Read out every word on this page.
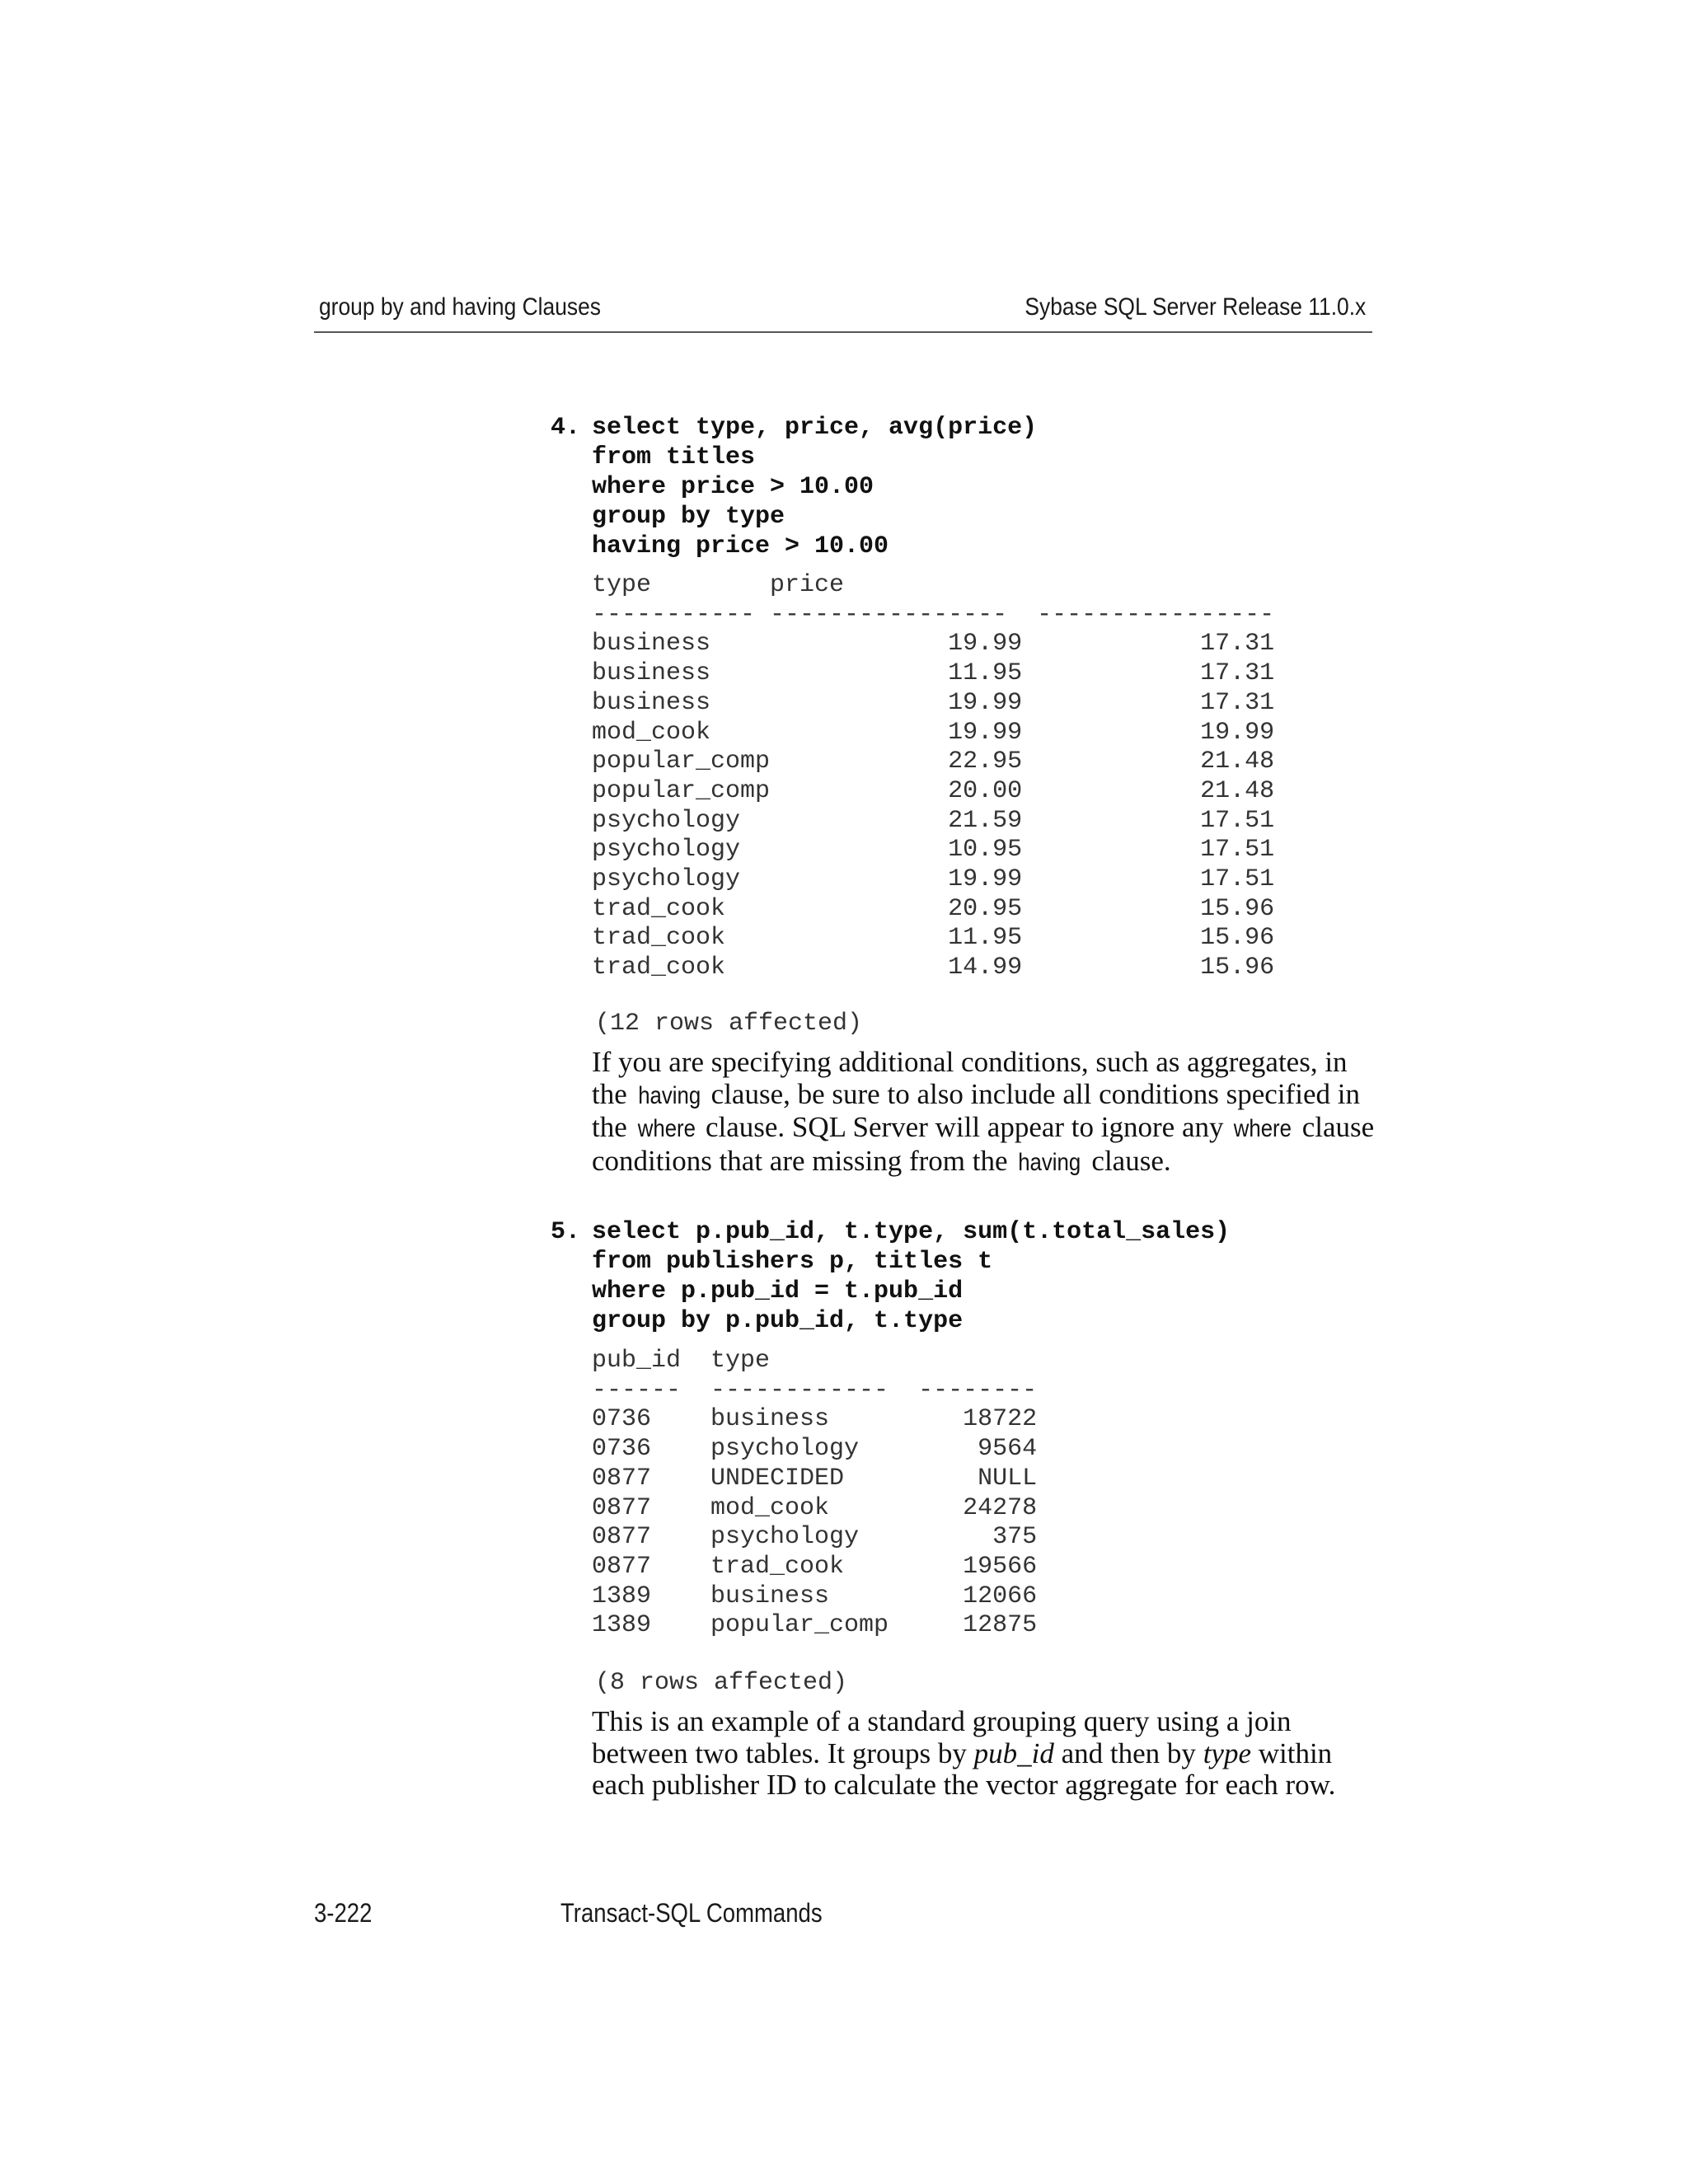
group by and having Clauses	Sybase SQL Server Release 11.0.x
4. select type, price, avg(price)
from titles
where price > 10.00
group by type
having price > 10.00
type        price
----------- ----------------  ----------------
business                19.99            17.31
business                11.95            17.31
business                19.99            17.31
mod_cook                19.99            19.99
popular_comp            22.95            21.48
popular_comp            20.00            21.48
psychology              21.59            17.51
psychology              10.95            17.51
psychology              19.99            17.51
trad_cook               20.95            15.96
trad_cook               11.95            15.96
trad_cook               14.99            15.96
(12 rows affected)

If you are specifying additional conditions, such as aggregates, in the having clause, be sure to also include all conditions specified in the where clause. SQL Server will appear to ignore any where clause conditions that are missing from the having clause.

5. select p.pub_id, t.type, sum(t.total_sales)
from publishers p, titles t
where p.pub_id = t.pub_id
group by p.pub_id, t.type
pub_id  type
------  ------------  --------
0736    business         18722
0736    psychology        9564
0877    UNDECIDED         NULL
0877    mod_cook         24278
0877    psychology         375
0877    trad_cook        19566
1389    business         12066
1389    popular_comp     12875
(8 rows affected)

This is an example of a standard grouping query using a join between two tables. It groups by pub_id and then by type within each publisher ID to calculate the vector aggregate for each row.

3-222	Transact-SQL Commands
